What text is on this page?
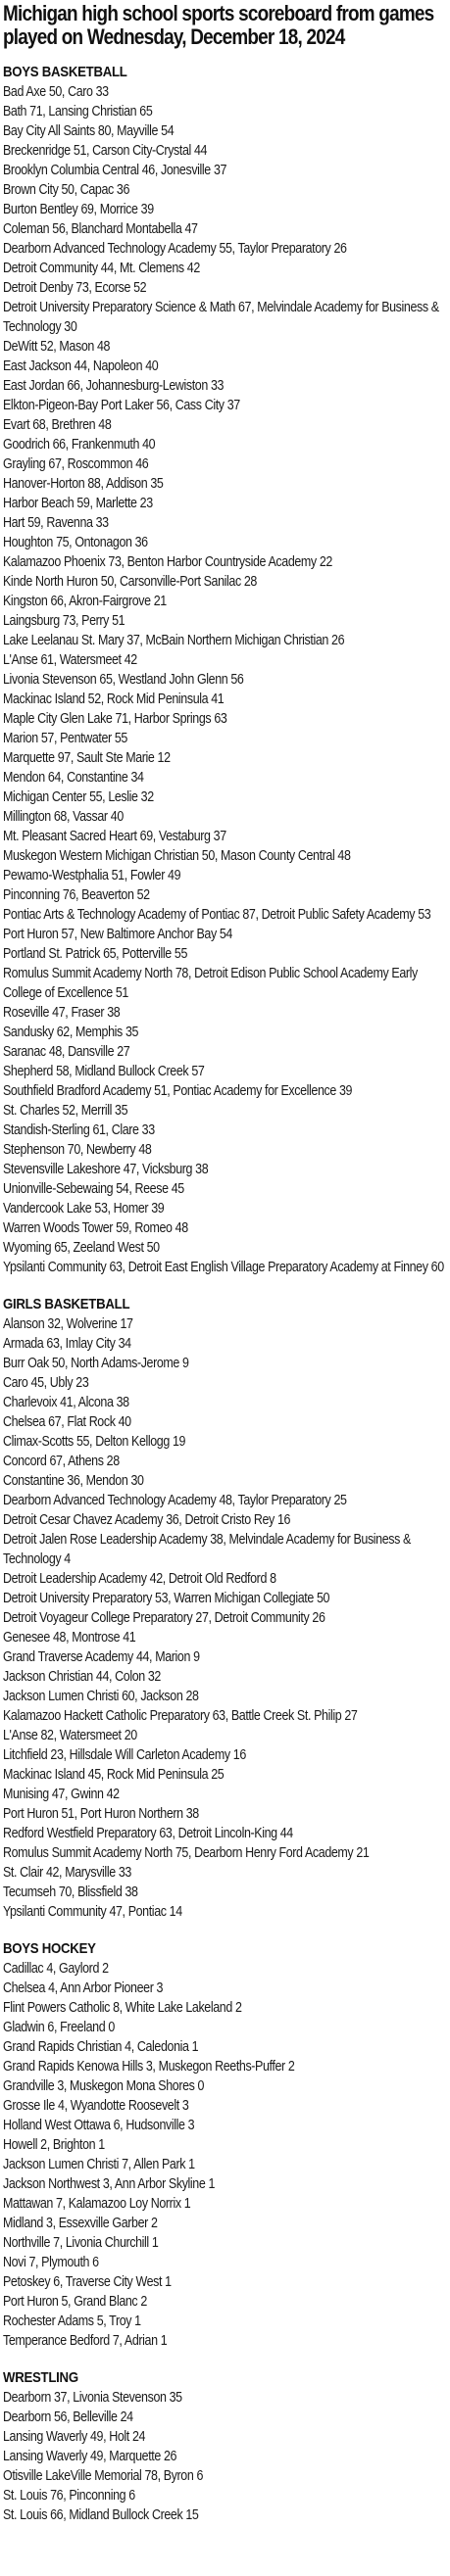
Michigan high school sports scoreboard from games played on Wednesday, December 18, 2024
BOYS BASKETBALL
Bad Axe 50, Caro 33
Bath 71, Lansing Christian 65
Bay City All Saints 80, Mayville 54
Breckenridge 51, Carson City-Crystal 44
Brooklyn Columbia Central 46, Jonesville 37
Brown City 50, Capac 36
Burton Bentley 69, Morrice 39
Coleman 56, Blanchard Montabella 47
Dearborn Advanced Technology Academy 55, Taylor Preparatory 26
Detroit Community 44, Mt. Clemens 42
Detroit Denby 73, Ecorse 52
Detroit University Preparatory Science & Math 67, Melvindale Academy for Business & Technology 30
DeWitt 52, Mason 48
East Jackson 44, Napoleon 40
East Jordan 66, Johannesburg-Lewiston 33
Elkton-Pigeon-Bay Port Laker 56, Cass City 37
Evart 68, Brethren 48
Goodrich 66, Frankenmuth 40
Grayling 67, Roscommon 46
Hanover-Horton 88, Addison 35
Harbor Beach 59, Marlette 23
Hart 59, Ravenna 33
Houghton 75, Ontonagon 36
Kalamazoo Phoenix 73, Benton Harbor Countryside Academy 22
Kinde North Huron 50, Carsonville-Port Sanilac 28
Kingston 66, Akron-Fairgrove 21
Laingsburg 73, Perry 51
Lake Leelanau St. Mary 37, McBain Northern Michigan Christian 26
L'Anse 61, Watersmeet 42
Livonia Stevenson 65, Westland John Glenn 56
Mackinac Island 52, Rock Mid Peninsula 41
Maple City Glen Lake 71, Harbor Springs 63
Marion 57, Pentwater 55
Marquette 97, Sault Ste Marie 12
Mendon 64, Constantine 34
Michigan Center 55, Leslie 32
Millington 68, Vassar 40
Mt. Pleasant Sacred Heart 69, Vestaburg 37
Muskegon Western Michigan Christian 50, Mason County Central 48
Pewamo-Westphalia 51, Fowler 49
Pinconning 76, Beaverton 52
Pontiac Arts & Technology Academy of Pontiac 87, Detroit Public Safety Academy 53
Port Huron 57, New Baltimore Anchor Bay 54
Portland St. Patrick 65, Potterville 55
Romulus Summit Academy North 78, Detroit Edison Public School Academy Early College of Excellence 51
Roseville 47, Fraser 38
Sandusky 62, Memphis 35
Saranac 48, Dansville 27
Shepherd 58, Midland Bullock Creek 57
Southfield Bradford Academy 51, Pontiac Academy for Excellence 39
St. Charles 52, Merrill 35
Standish-Sterling 61, Clare 33
Stephenson 70, Newberry 48
Stevensville Lakeshore 47, Vicksburg 38
Unionville-Sebewaing 54, Reese 45
Vandercook Lake 53, Homer 39
Warren Woods Tower 59, Romeo 48
Wyoming 65, Zeeland West 50
Ypsilanti Community 63, Detroit East English Village Preparatory Academy at Finney 60
GIRLS BASKETBALL
Alanson 32, Wolverine 17
Armada 63, Imlay City 34
Burr Oak 50, North Adams-Jerome 9
Caro 45, Ubly 23
Charlevoix 41, Alcona 38
Chelsea 67, Flat Rock 40
Climax-Scotts 55, Delton Kellogg 19
Concord 67, Athens 28
Constantine 36, Mendon 30
Dearborn Advanced Technology Academy 48, Taylor Preparatory 25
Detroit Cesar Chavez Academy 36, Detroit Cristo Rey 16
Detroit Jalen Rose Leadership Academy 38, Melvindale Academy for Business & Technology 4
Detroit Leadership Academy 42, Detroit Old Redford 8
Detroit University Preparatory 53, Warren Michigan Collegiate 50
Detroit Voyageur College Preparatory 27, Detroit Community 26
Genesee 48, Montrose 41
Grand Traverse Academy 44, Marion 9
Jackson Christian 44, Colon 32
Jackson Lumen Christi 60, Jackson 28
Kalamazoo Hackett Catholic Preparatory 63, Battle Creek St. Philip 27
L'Anse 82, Watersmeet 20
Litchfield 23, Hillsdale Will Carleton Academy 16
Mackinac Island 45, Rock Mid Peninsula 25
Munising 47, Gwinn 42
Port Huron 51, Port Huron Northern 38
Redford Westfield Preparatory 63, Detroit Lincoln-King 44
Romulus Summit Academy North 75, Dearborn Henry Ford Academy 21
St. Clair 42, Marysville 33
Tecumseh 70, Blissfield 38
Ypsilanti Community 47, Pontiac 14
BOYS HOCKEY
Cadillac 4, Gaylord 2
Chelsea 4, Ann Arbor Pioneer 3
Flint Powers Catholic 8, White Lake Lakeland 2
Gladwin 6, Freeland 0
Grand Rapids Christian 4, Caledonia 1
Grand Rapids Kenowa Hills 3, Muskegon Reeths-Puffer 2
Grandville 3, Muskegon Mona Shores 0
Grosse Ile 4, Wyandotte Roosevelt 3
Holland West Ottawa 6, Hudsonville 3
Howell 2, Brighton 1
Jackson Lumen Christi 7, Allen Park 1
Jackson Northwest 3, Ann Arbor Skyline 1
Mattawan 7, Kalamazoo Loy Norrix 1
Midland 3, Essexville Garber 2
Northville 7, Livonia Churchill 1
Novi 7, Plymouth 6
Petoskey 6, Traverse City West 1
Port Huron 5, Grand Blanc 2
Rochester Adams 5, Troy 1
Temperance Bedford 7, Adrian 1
WRESTLING
Dearborn 37, Livonia Stevenson 35
Dearborn 56, Belleville 24
Lansing Waverly 49, Holt 24
Lansing Waverly 49, Marquette 26
Otisville LakeVille Memorial 78, Byron 6
St. Louis 76, Pinconning 6
St. Louis 66, Midland Bullock Creek 15
